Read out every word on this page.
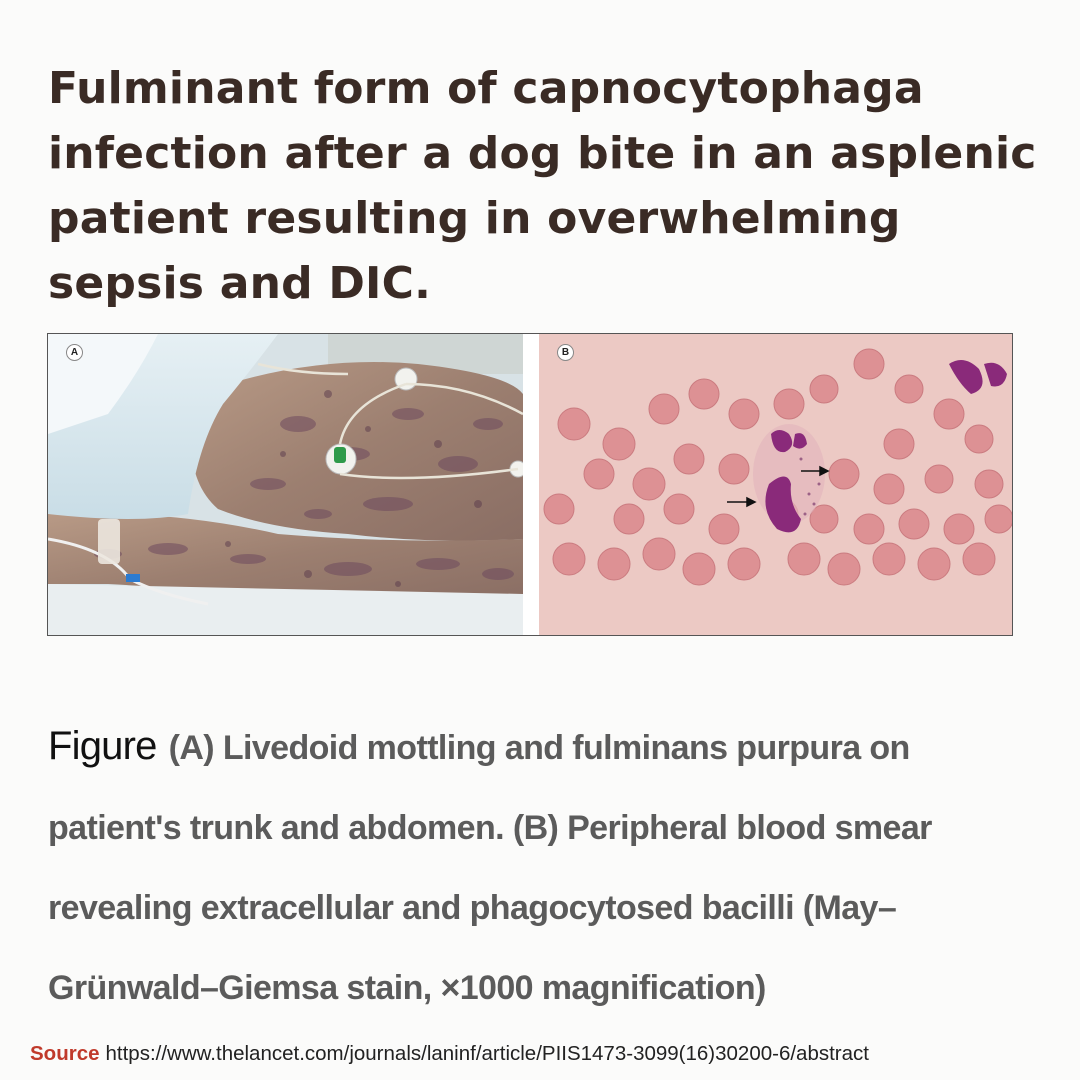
Fulminant form of capnocytophaga infection after a dog bite in an asplenic patient resulting in overwhelming sepsis and DIC.
A	B

Figure (A) Livedoid mottling and fulminans purpura on patient's trunk and abdomen. (B) Peripheral blood smear revealing extracellular and phagocytosed bacilli (May–Grünwald–Giemsa stain, ×1000 magnification)

Source https://www.thelancet.com/journals/laninf/article/PIIS1473-3099(16)30200-6/abstract
